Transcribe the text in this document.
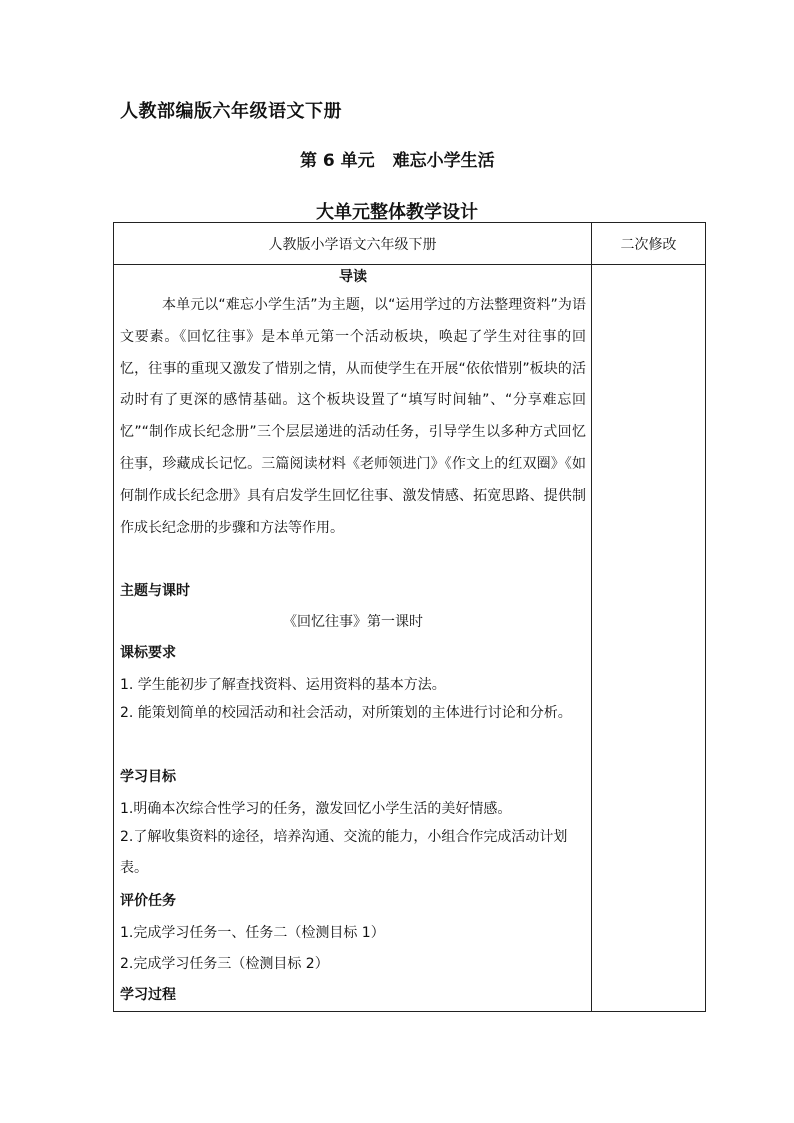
人教部编版六年级语文下册
第 6 单元 难忘小学生活
大单元整体教学设计
人教版小学语文六年级下册	二次修改
导读
本单元以“难忘小学生活”为主题，以“运用学过的方法整理资料”为语文要素。《回忆往事》是本单元第一个活动板块，唤起了学生对往事的回忆，往事的重现又激发了惜别之情，从而使学生在开展“依依惜别”板块的活动时有了更深的感情基础。这个板块设置了“填写时间轴”、“分享难忘回忆”“制作成长纪念册”三个层层递进的活动任务，引导学生以多种方式回忆往事，珍藏成长记忆。三篇阅读材料《老师领进门》《作文上的红双圈》《如何制作成长纪念册》具有启发学生回忆往事、激发情感、拓宽思路、提供制作成长纪念册的步骤和方法等作用。
主题与课时
《回忆往事》第一课时
课标要求
1. 学生能初步了解查找资料、运用资料的基本方法。
2. 能策划简单的校园活动和社会活动，对所策划的主体进行讨论和分析。
学习目标
1.明确本次综合性学习的任务，激发回忆小学生活的美好情感。
2.了解收集资料的途径，培养沟通、交流的能力，小组合作完成活动计划表。
评价任务
1.完成学习任务一、任务二（检测目标 1）
2.完成学习任务三（检测目标 2）
学习过程
